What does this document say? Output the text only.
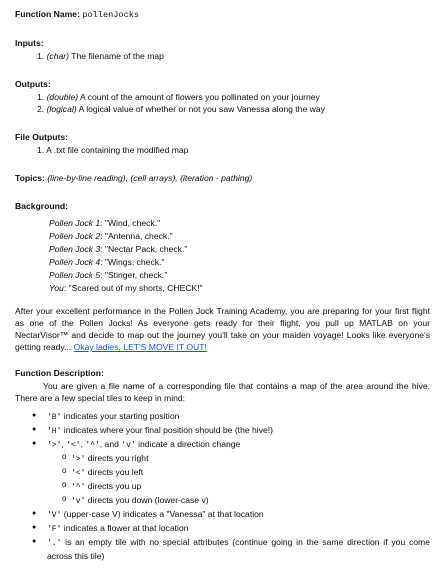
Function Name: pollenJocks
Inputs:
1. (char) The filename of the map
Outputs:
1. (double) A count of the amount of flowers you pollinated on your journey
2. (logical) A logical value of whether or not you saw Vanessa along the way
File Outputs:
1. A .txt file containing the modified map
Topics: (line-by-line reading), (cell arrays), (iteration - pathing)
Background:
Pollen Jock 1: "Wind, check."
Pollen Jock 2: "Antenna, check."
Pollen Jock 3: "Nectar Pack, check."
Pollen Jock 4: "Wings, check."
Pollen Jock 5: "Stinger, check."
You: "Scared out of my shorts, CHECK!"
After your excellent performance in the Pollen Jock Training Academy, you are preparing for your first flight as one of the Pollen Jocks! As everyone gets ready for their flight, you pull up MATLAB on your NectarVisor™ and decide to map out the journey you'll take on your maiden voyage! Looks like everyone's getting ready... Okay ladies, LET'S MOVE IT OUT!
Function Description:
You are given a file name of a corresponding file that contains a map of the area around the hive. There are a few special tiles to keep in mind:
● 'B' indicates your starting position
● 'H' indicates where your final position should be (the hive!)
● '>', '<', '^', and 'v' indicate a direction change
o '>' directs you right
o '<' directs you left
o '^' directs you up
o 'v' directs you down (lower-case v)
● 'V' (upper-case V) indicates a "Vanessa" at that location
● 'F' indicates a flower at that location
● '.' is an empty tile with no special attributes (continue going in the same direction if you come across this tile)
